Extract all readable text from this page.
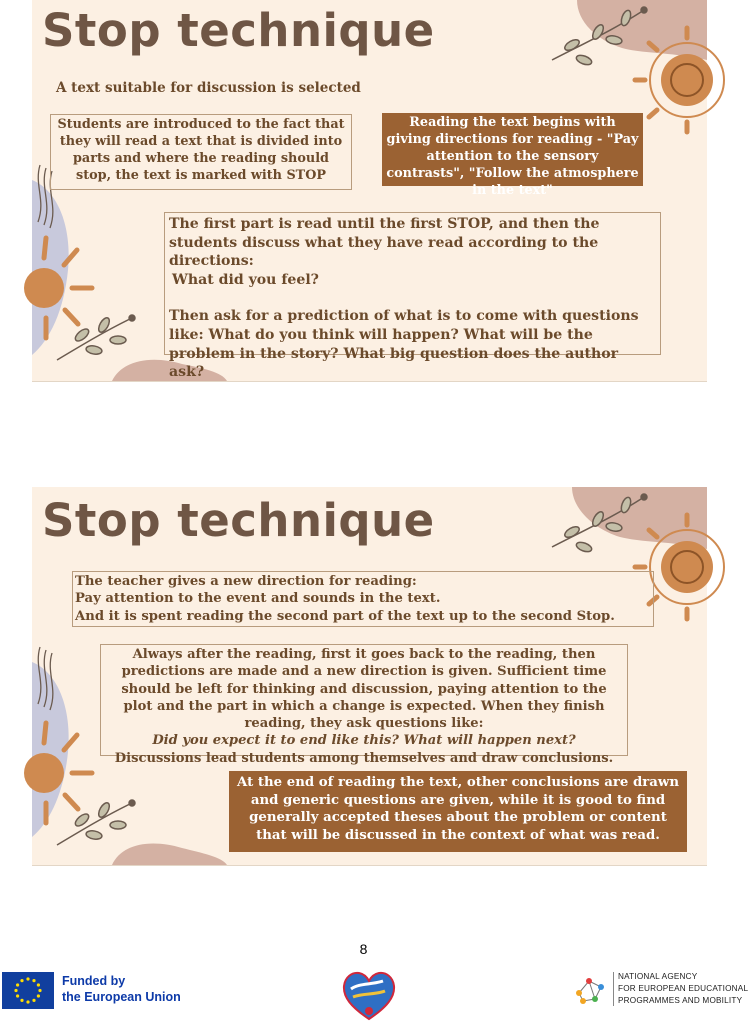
Stop technique
A text suitable for discussion is selected
Students are introduced to the fact that they will read a text that is divided into parts and where the reading should stop, the text is marked with STOP
Reading the text begins with giving directions for reading - "Pay attention to the sensory contrasts", "Follow the atmosphere in the text"

The first part is read until the first STOP, and then the students discuss what they have read according to the directions:

What did you feel?

Then ask for a prediction of what is to come with questions like: What do you think will happen? What will be the problem in the story? What big question does the author ask?

Stop technique

The teacher gives a new direction for reading:

Pay attention to the event and sounds in the text.

And it is spent reading the second part of the text up to the second Stop.

Always after the reading, first it goes back to the reading, then predictions are made and a new direction is given. Sufficient time should be left for thinking and discussion, paying attention to the plot and the part in which a change is expected. When they finish reading, they ask questions like:

Did you expect it to end like this? What will happen next?

Discussions lead students among themselves and draw conclusions.

At the end of reading the text, other conclusions are drawn and generic questions are given, while it is good to find generally accepted theses about the problem or content that will be discussed in the context of what was read.
8
Funded by
the European Union
NATIONAL AGENCY
FOR EUROPEAN EDUCATIONAL
PROGRAMMES AND MOBILITY
